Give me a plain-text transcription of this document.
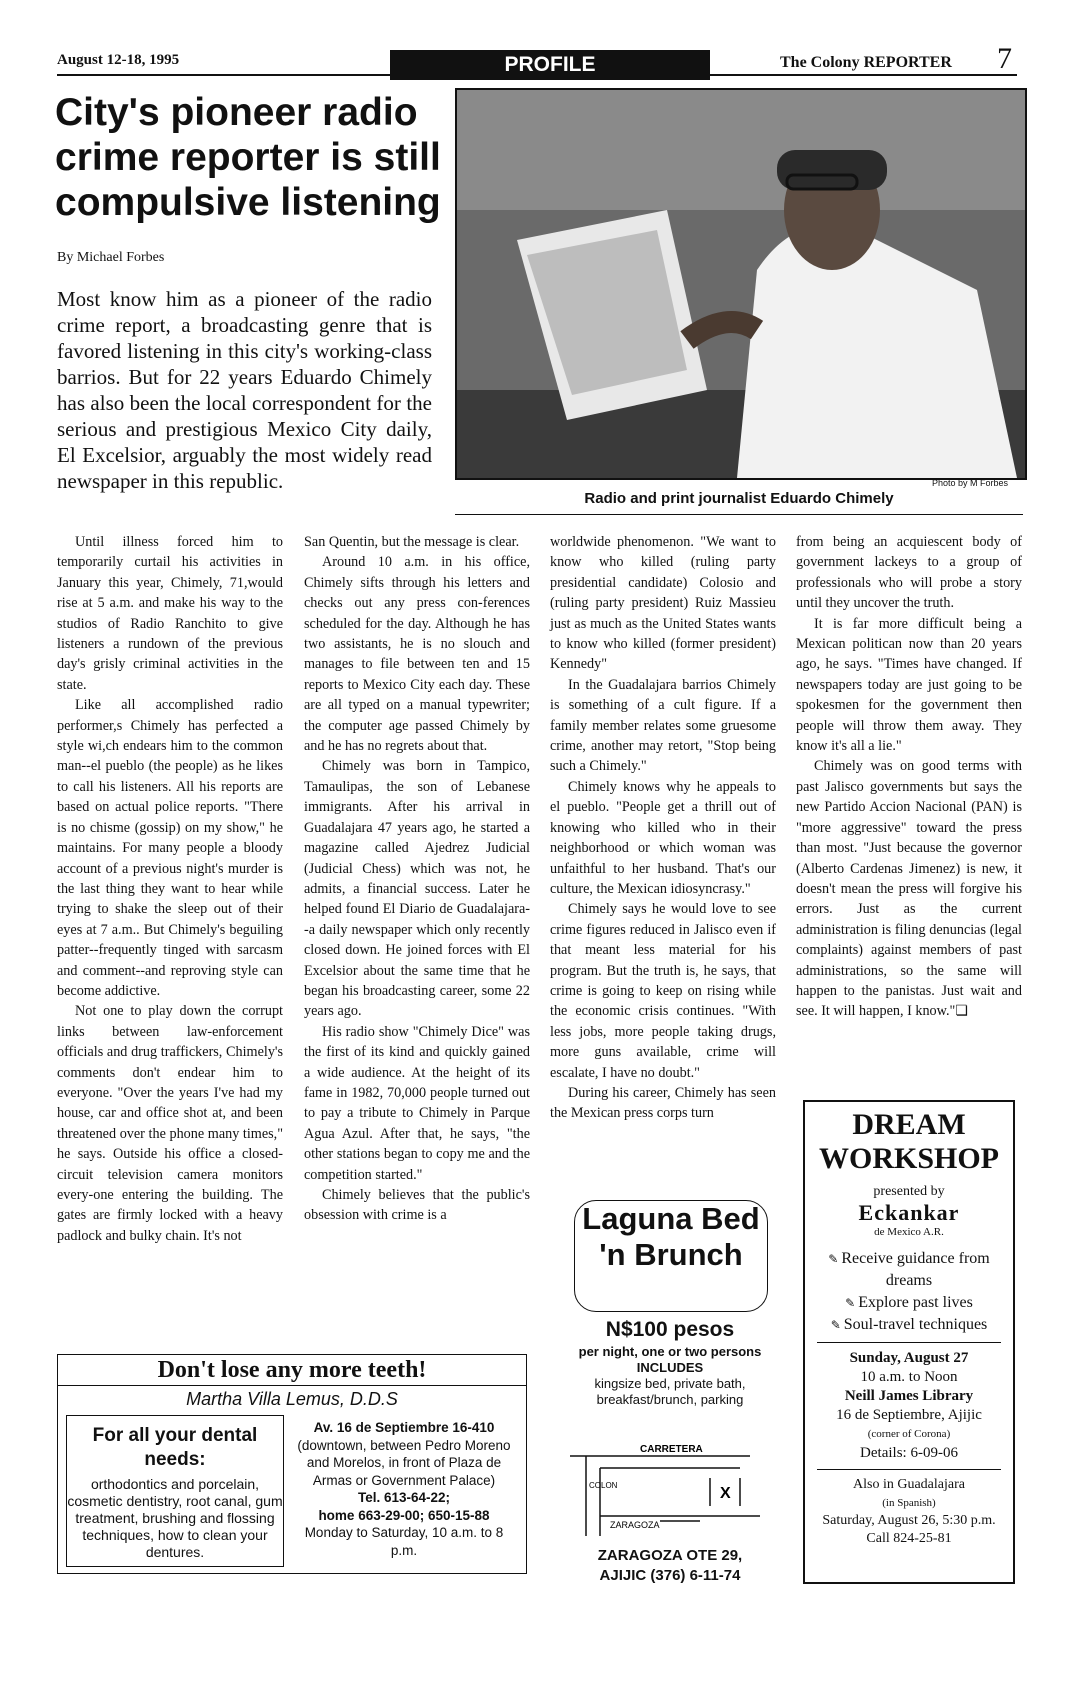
August 12-18, 1995	PROFILE	The Colony REPORTER 7
City's pioneer radio crime reporter is still compulsive listening
By Michael Forbes
Most know him as a pioneer of the radio crime report, a broadcasting genre that is favored listening in this city's working-class barrios. But for 22 years Eduardo Chimely has also been the local correspondent for the serious and prestigious Mexico City daily, El Excelsior, arguably the most widely read newspaper in this republic.	Photo by M Forbes
Radio and print journalist Eduardo Chimely

Until illness forced him to temporarily curtail his activities in January this year, Chimely, 71,would rise at 5 a.m. and make his way to the studios of Radio Ranchito to give listeners a rundown of the previous day's grisly criminal activities in the state.

Like all accomplished radio performer,s Chimely has perfected a style wi,ch endears him to the common man--el pueblo (the people) as he likes to call his listeners. All his reports are based on actual police reports. "There is no chisme (gossip) on my show," he maintains. For many people a bloody account of a previous night's murder is the last thing they want to hear while trying to shake the sleep out of their eyes at 7 a.m.. But Chimely's beguiling patter--frequently tinged with sarcasm and comment--and reproving style can become addictive.

Not one to play down the corrupt links between law-enforcement officials and drug traffickers, Chimely's comments don't endear him to everyone. "Over the years I've had my house, car and office shot at, and been threatened over the phone many times," he says. Outside his office a closed-circuit television camera monitors every-one entering the building. The gates are firmly locked with a heavy padlock and bulky chain. It's not

San Quentin, but the message is clear.

Around 10 a.m. in his office, Chimely sifts through his letters and checks out any press con-ferences scheduled for the day. Although he has two assistants, he is no slouch and manages to file between ten and 15 reports to Mexico City each day. These are all typed on a manual typewriter; the computer age passed Chimely by and he has no regrets about that.

Chimely was born in Tampico, Tamaulipas, the son of Lebanese immigrants. After his arrival in Guadalajara 47 years ago, he started a magazine called Ajedrez Judicial (Judicial Chess) which was not, he admits, a financial success. Later he helped found El Diario de Guadalajara--a daily newspaper which only recently closed down. He joined forces with El Excelsior about the same time that he began his broadcasting career, some 22 years ago.

His radio show "Chimely Dice" was the first of its kind and quickly gained a wide audience. At the height of its fame in 1982, 70,000 people turned out to pay a tribute to Chimely in Parque Agua Azul. After that, he says, "the other stations began to copy me and the competition started."

Chimely believes that the public's obsession with crime is a

worldwide phenomenon. "We want to know who killed (ruling party presidential candidate) Colosio and (ruling party president) Ruiz Massieu just as much as the United States wants to know who killed (former president) Kennedy"

In the Guadalajara barrios Chimely is something of a cult figure. If a family member relates some gruesome crime, another may retort, "Stop being such a Chimely."

Chimely knows why he appeals to el pueblo. "People get a thrill out of knowing who killed who in their neighborhood or which woman was unfaithful to her husband. That's our culture, the Mexican idiosyncrasy."

Chimely says he would love to see crime figures reduced in Jalisco even if that meant less material for his program. But the truth is, he says, that crime is going to keep on rising while the economic crisis continues. "With less jobs, more people taking drugs, more guns available, crime will escalate, I have no doubt."

During his career, Chimely has seen the Mexican press corps turn

from being an acquiescent body of government lackeys to a group of professionals who will probe a story until they uncover the truth.

It is far more difficult being a Mexican politican now than 20 years ago, he says. "Times have changed. If newspapers today are just going to be spokesmen for the government then people will throw them away. They know it's all a lie."

Chimely was on good terms with past Jalisco governments but says the new Partido Accion Nacional (PAN) is "more aggressive" toward the press than most. "Just because the governor (Alberto Cardenas Jimenez) is new, it doesn't mean the press will forgive his errors. Just as the current administration is filing denuncias (legal complaints) against members of past administrations, so the same will happen to the panistas. Just wait and see. It will happen, I know."❏

Don't lose any more teeth!
Martha Villa Lemus, D.D.S
For all your dental needs:
orthodontics and porcelain, cosmetic dentistry, root canal, gum treatment, brushing and flossing techniques, how to clean your dentures.
Av. 16 de Septiembre 16-410
(downtown, between Pedro Moreno and Morelos, in front of Plaza de Armas or Government Palace)
Tel. 613-64-22;
home 663-29-00; 650-15-88
Monday to Saturday, 10 a.m. to 8 p.m.
Laguna Bed 'n Brunch
N$100 pesos
per night, one or two persons
INCLUDES
kingsize bed, private bath, breakfast/brunch, parking
CARRETERA
COLON
ZARAGOZA
X
ZARAGOZA OTE 29,
AJIJIC (376) 6-11-74
DREAM WORKSHOP
presented by
Eckankar
de Mexico A.R.
✎ Receive guidance from dreams
✎ Explore past lives
✎ Soul-travel techniques
Sunday, August 27
10 a.m. to Noon
Neill James Library
16 de Septiembre, Ajijic
(corner of Corona)
Details: 6-09-06
Also in Guadalajara
(in Spanish)
Saturday, August 26, 5:30 p.m.
Call 824-25-81
